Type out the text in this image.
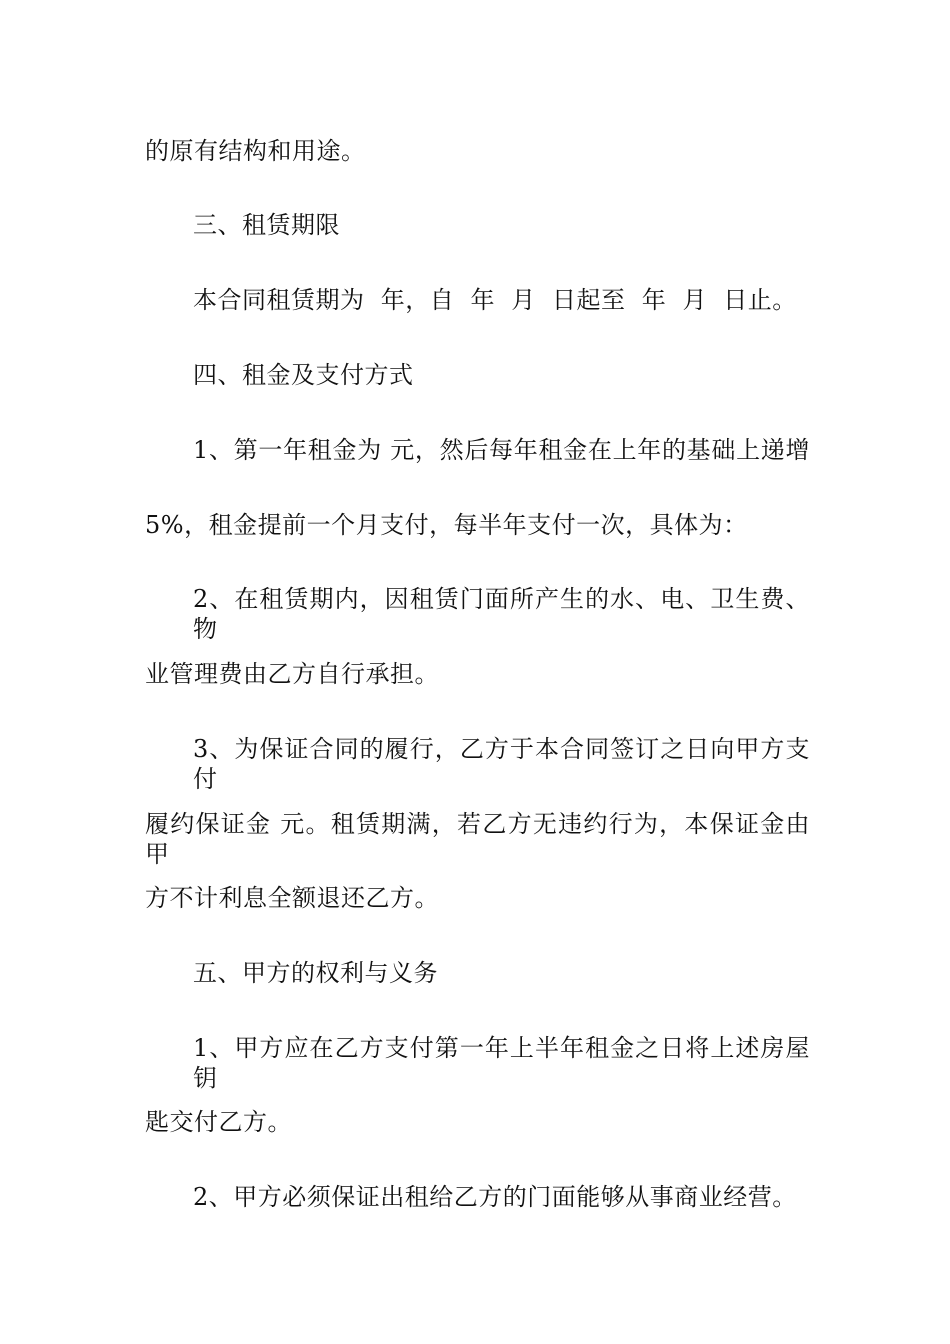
的原有结构和用途。
三、租赁期限
本合同租赁期为  年，自  年  月  日起至  年  月  日止。
四、租金及支付方式
1、第一年租金为 元，然后每年租金在上年的基础上递增
5%，租金提前一个月支付，每半年支付一次，具体为：
2、在租赁期内，因租赁门面所产生的水、电、卫生费、物
业管理费由乙方自行承担。
3、为保证合同的履行，乙方于本合同签订之日向甲方支付
履约保证金 元。租赁期满，若乙方无违约行为，本保证金由甲
方不计利息全额退还乙方。
五、甲方的权利与义务
1、甲方应在乙方支付第一年上半年租金之日将上述房屋钥
匙交付乙方。
2、甲方必须保证出租给乙方的门面能够从事商业经营。
